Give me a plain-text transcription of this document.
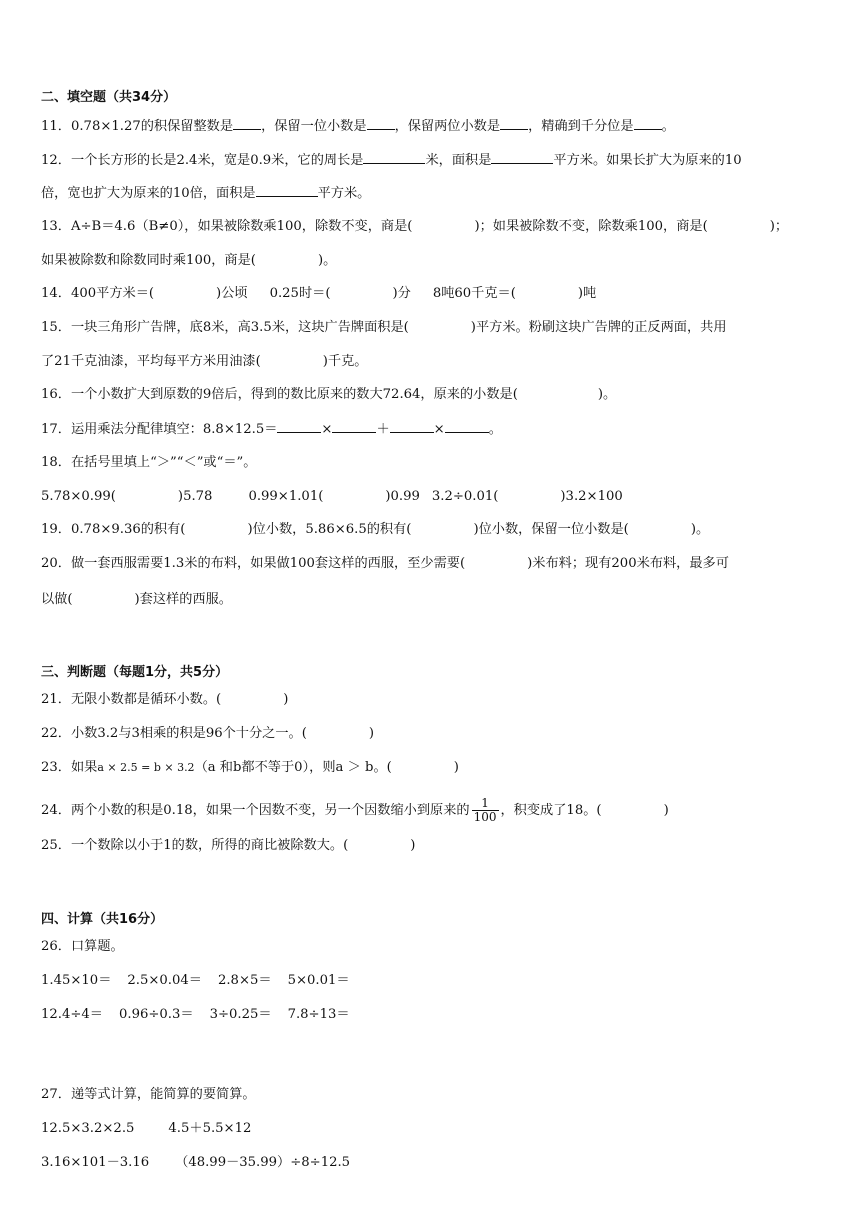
二、填空题（共34分）
11．0.78×1.27的积保留整数是 ，保留一位小数是 ，保留两位小数是 ，精确到千分位是 。
12．一个长方形的长是2.4米，宽是0.9米，它的周长是	米，面积是	平方米。如果长扩大为原来的10
倍，宽也扩大为原来的10倍，面积是	平方米。
13．A÷B＝4.6（B≠0），如果被除数乘100，除数不变，商是(	)；如果被除数不变，除数乘100，商是(	)；
如果被除数和除数同时乘100，商是(	)。
14．400平方米＝(	)公顷 0.25时＝(	)分 8吨60千克＝(	)吨
15．一块三角形广告牌，底8米，高3.5米，这块广告牌面积是(	)平方米。粉刷这块广告牌的正反两面，共用
了21千克油漆，平均每平方米用油漆(	)千克。
16．一个小数扩大到原数的9倍后，得到的数比原来的数大72.64，原来的小数是(	)。
17．运用乘法分配律填空：8.8×12.5＝	×	＋	×	。
18．在括号里填上“＞”“＜”或“＝”。
5.78×0.99(	)5.78	0.99×1.01(	)0.99 3.2÷0.01(	)3.2×100
19．0.78×9.36的积有(	)位小数，5.86×6.5的积有(	)位小数，保留一位小数是(	)。
20．做一套西服需要1.3米的布料，如果做100套这样的西服，至少需要(	)米布料；现有200米布料，最多可
以做(	)套这样的西服。
三、判断题（每题1分，共5分）
21．无限小数都是循环小数。(	)
22．小数3.2与3相乘的积是96个十分之一。(	)
23．如果a × 2.5 = b × 3.2（a 和b都不等于0），则a ＞ b。(	)
24．两个小数的积是0.18，如果一个因数不变，另一个因数缩小到原来的 $\frac{1}{100}$ ，积变成了18。(	)
25．一个数除以小于1的数，所得的商比被除数大。(	)
四、计算（共16分）
26．口算题。
1.45×10＝ 2.5×0.04＝ 2.8×5＝ 5×0.01＝
12.4÷4＝ 0.96÷0.3＝ 3÷0.25＝ 7.8÷13＝
27．递等式计算，能简算的要简算。
12.5×3.2×2.5	4.5＋5.5×12
3.16×101－3.16 （48.99－35.99）÷8÷12.5
